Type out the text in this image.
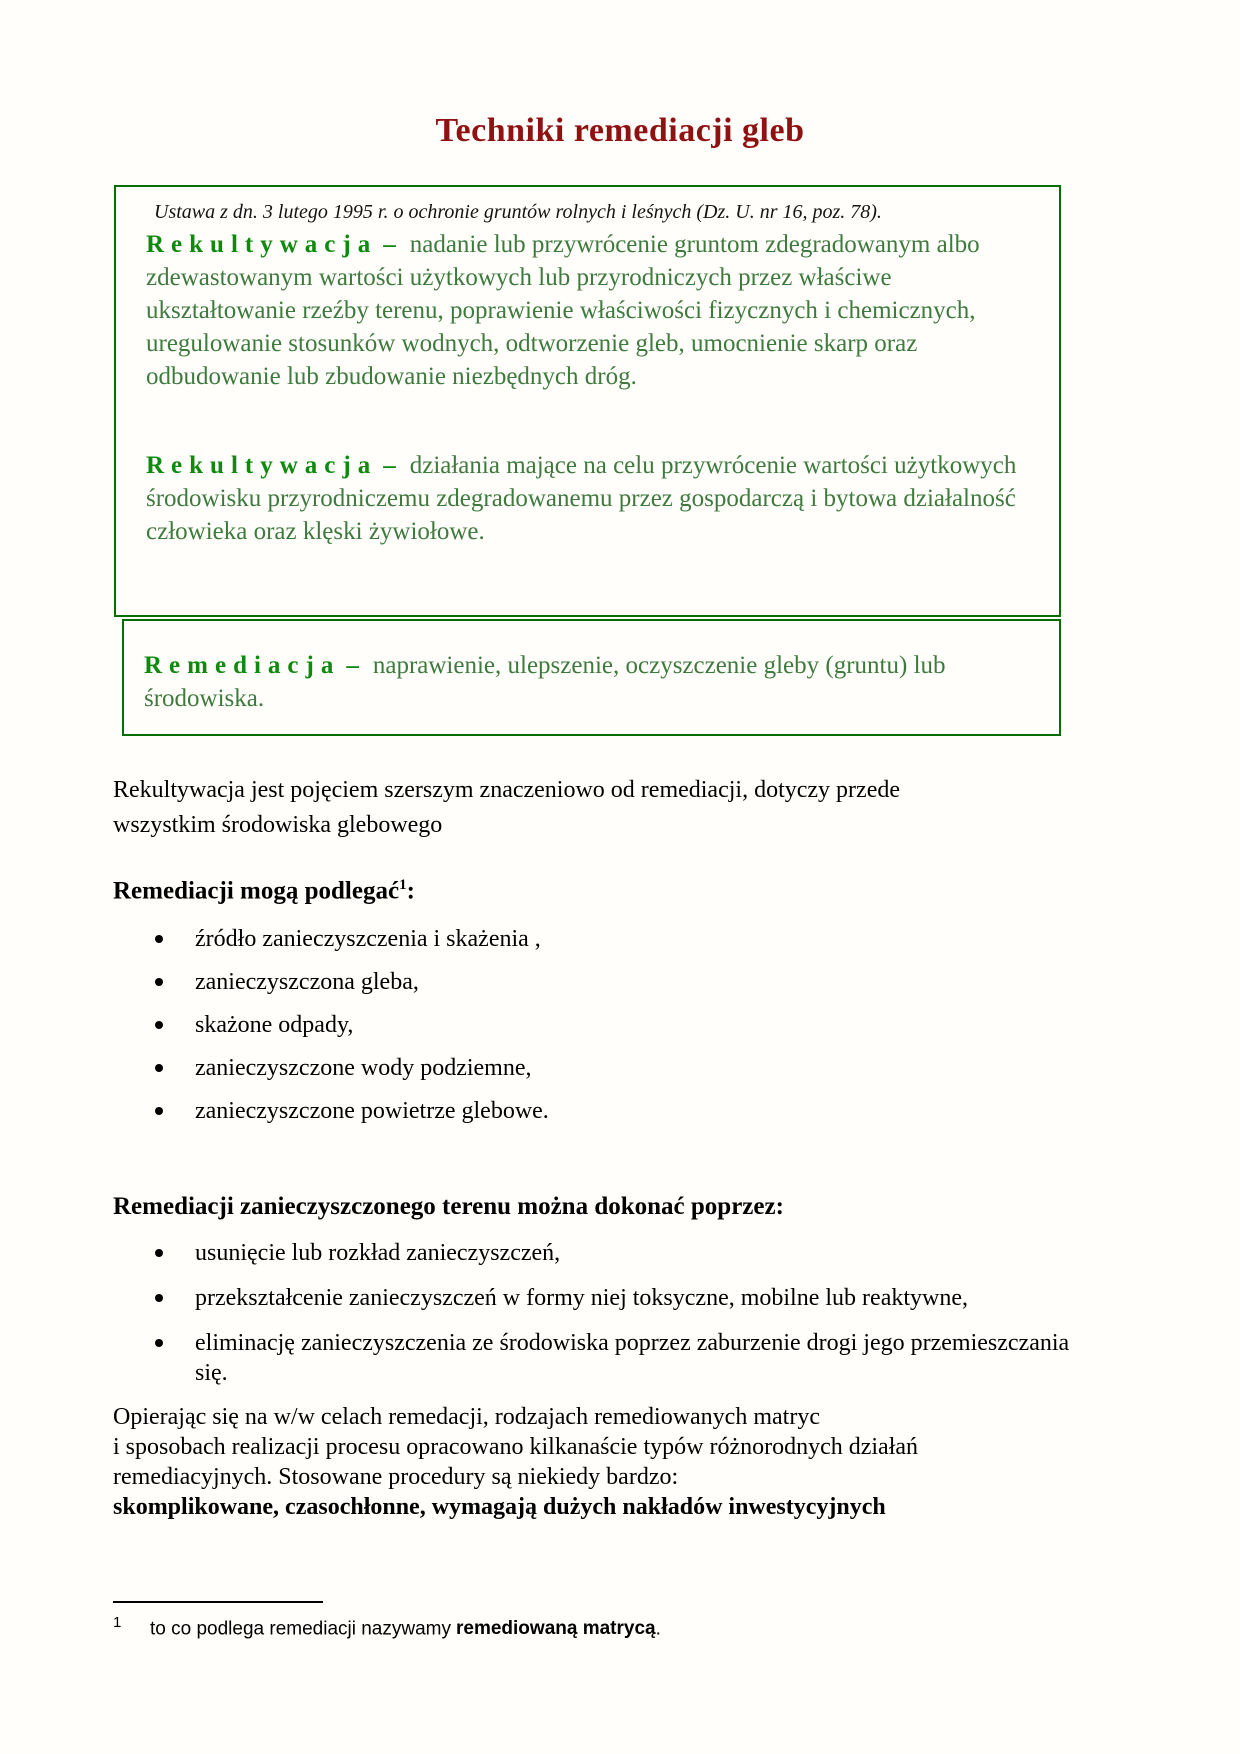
Techniki remediacji gleb

Ustawa z dn. 3 lutego 1995 r. o ochronie gruntów rolnych i leśnych (Dz. U. nr 16, poz. 78).

Rekultywacja – nadanie lub przywrócenie gruntom zdegradowanym albo zdewastowanym wartości użytkowych lub przyrodniczych przez właściwe ukształtowanie rzeźby terenu, poprawienie właściwości fizycznych i chemicznych, uregulowanie stosunków wodnych, odtworzenie gleb, umocnienie skarp oraz odbudowanie lub zbudowanie niezbędnych dróg.

Rekultywacja – działania mające na celu przywrócenie wartości użytkowych środowisku przyrodniczemu zdegradowanemu przez gospodarczą i bytowa działalność człowieka oraz klęski żywiołowe.

Remediacja – naprawienie, ulepszenie, oczyszczenie gleby (gruntu) lub środowiska.

Rekultywacja jest pojęciem szerszym znaczeniowo od remediacji, dotyczy przede
wszystkim środowiska glebowego

Remediacji mogą podlegać$^1$:
źródło zanieczyszczenia i skażenia ,
zanieczyszczona gleba,
skażone odpady,
zanieczyszczone wody podziemne,
zanieczyszczone powietrze glebowe.
Remediacji zanieczyszczonego terenu można dokonać poprzez:
usunięcie lub rozkład zanieczyszczeń,
przekształcenie zanieczyszczeń w formy niej toksyczne, mobilne lub reaktywne,
eliminację zanieczyszczenia ze środowiska poprzez zaburzenie drogi jego przemieszczania się.

Opierając się na w/w celach remedacji, rodzajach remediowanych matryc
i sposobach realizacji procesu opracowano kilkanaście typów różnorodnych działań
remediacyjnych. Stosowane procedury są niekiedy bardzo:
skomplikowane, czasochłonne, wymagają dużych nakładów inwestycyjnych

$^1$ to co podlega remediacji nazywamy remediowaną matrycą.
